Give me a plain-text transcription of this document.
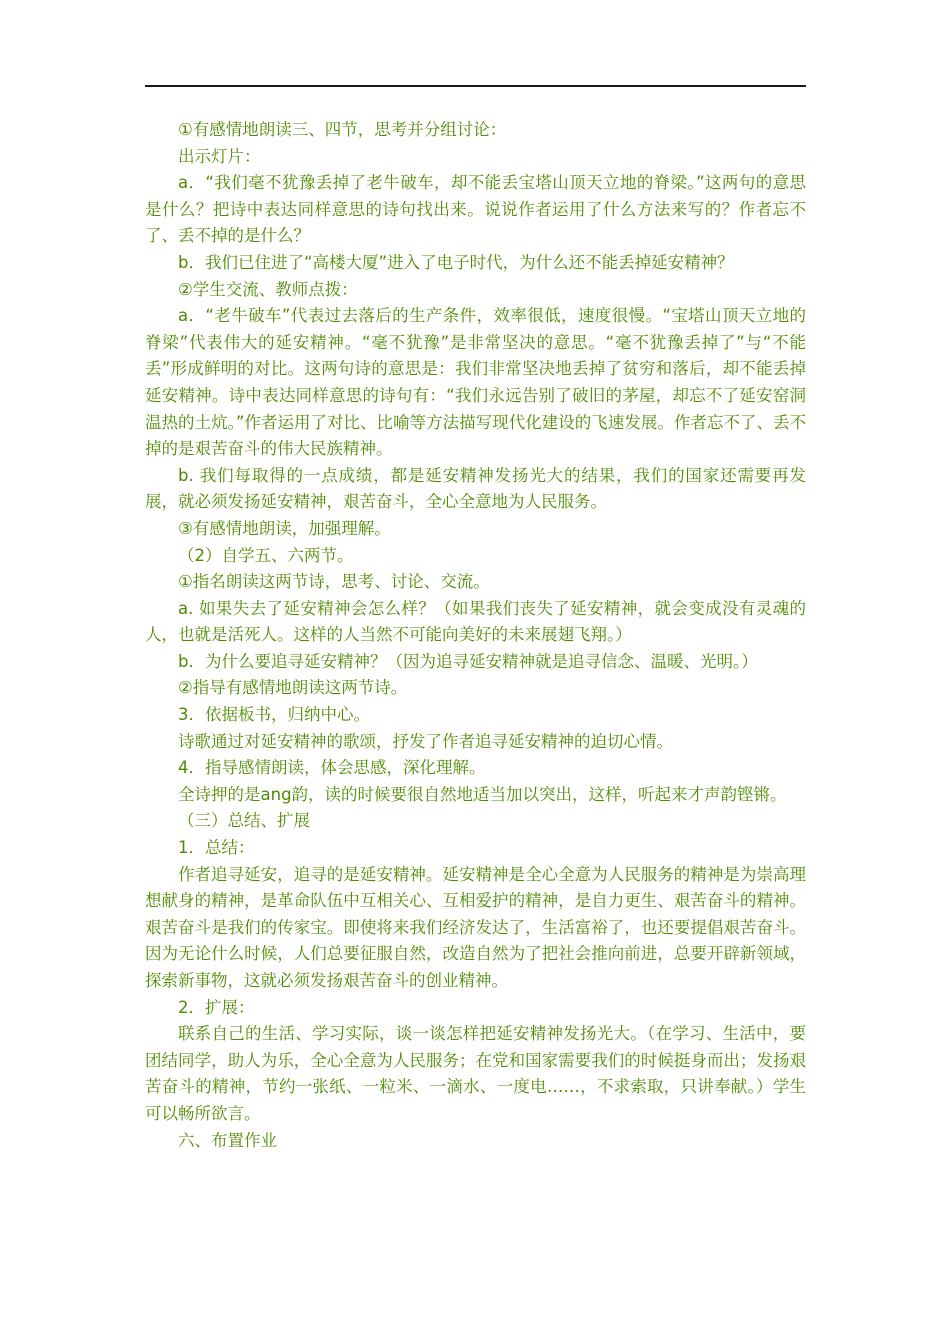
①有感情地朗读三、四节，思考并分组讨论：

出示灯片：

a．“我们毫不犹豫丢掉了老牛破车，却不能丢宝塔山顶天立地的脊梁。”这两句的意思是什么？把诗中表达同样意思的诗句找出来。说说作者运用了什么方法来写的？作者忘不了、丢不掉的是什么？

b．我们已住进了“高楼大厦”进入了电子时代，为什么还不能丢掉延安精神？

②学生交流、教师点拨：

a．“老牛破车”代表过去落后的生产条件，效率很低，速度很慢。“宝塔山顶天立地的脊梁”代表伟大的延安精神。“毫不犹豫”是非常坚决的意思。“毫不犹豫丢掉了”与“不能丢”形成鲜明的对比。这两句诗的意思是：我们非常坚决地丢掉了贫穷和落后，却不能丢掉延安精神。诗中表达同样意思的诗句有：“我们永远告别了破旧的茅屋，却忘不了延安窑洞温热的土炕。”作者运用了对比、比喻等方法描写现代化建设的飞速发展。作者忘不了、丢不掉的是艰苦奋斗的伟大民族精神。

b. 我们每取得的一点成绩，都是延安精神发扬光大的结果，我们的国家还需要再发展，就必须发扬延安精神，艰苦奋斗，全心全意地为人民服务。

③有感情地朗读，加强理解。

（2）自学五、六两节。

①指名朗读这两节诗，思考、讨论、交流。

a. 如果失去了延安精神会怎么样？（如果我们丧失了延安精神，就会变成没有灵魂的人，也就是活死人。这样的人当然不可能向美好的未来展翅飞翔。）

b．为什么要追寻延安精神？（因为追寻延安精神就是追寻信念、温暖、光明。）

②指导有感情地朗读这两节诗。

3．依据板书，归纳中心。

诗歌通过对延安精神的歌颂，抒发了作者追寻延安精神的迫切心情。

4．指导感情朗读，体会思感，深化理解。

全诗押的是ang韵，读的时候要很自然地适当加以突出，这样，听起来才声韵铿锵。

（三）总结、扩展

1．总结：

作者追寻延安，追寻的是延安精神。延安精神是全心全意为人民服务的精神是为崇高理想献身的精神，是革命队伍中互相关心、互相爱护的精神，是自力更生、艰苦奋斗的精神。艰苦奋斗是我们的传家宝。即使将来我们经济发达了，生活富裕了，也还要提倡艰苦奋斗。因为无论什么时候，人们总要征服自然，改造自然为了把社会推向前进，总要开辟新领域，探索新事物，这就必须发扬艰苦奋斗的创业精神。

2．扩展：

联系自己的生活、学习实际，谈一谈怎样把延安精神发扬光大。（在学习、生活中，要团结同学，助人为乐，全心全意为人民服务；在党和国家需要我们的时候挺身而出；发扬艰苦奋斗的精神，节约一张纸、一粒米、一滴水、一度电……，不求索取，只讲奉献。）学生可以畅所欲言。

六、布置作业
